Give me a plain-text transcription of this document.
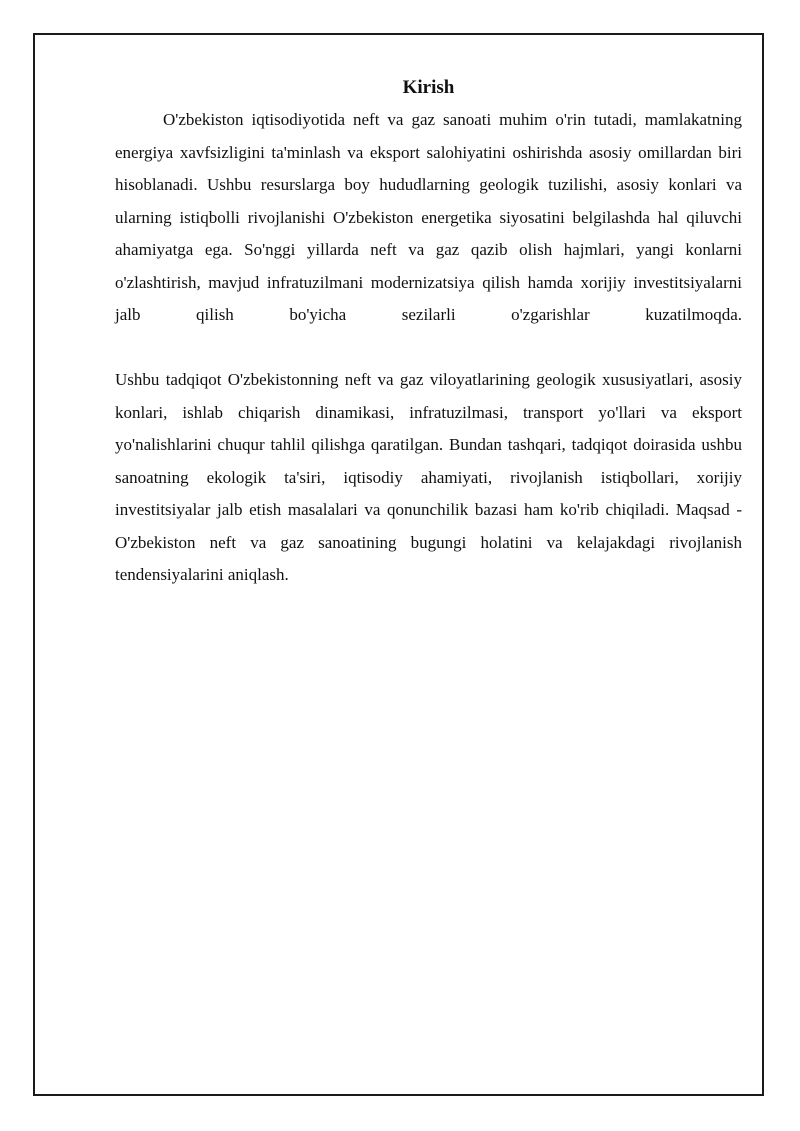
Kirish

O'zbekiston iqtisodiyotida neft va gaz sanoati muhim o'rin tutadi, mamlakatning energiya xavfsizligini ta'minlash va eksport salohiyatini oshirishda asosiy omillardan biri hisoblanadi. Ushbu resurslarga boy hududlarning geologik tuzilishi, asosiy konlari va ularning istiqbolli rivojlanishi O'zbekiston energetika siyosatini belgilashda hal qiluvchi ahamiyatga ega. So'nggi yillarda neft va gaz qazib olish hajmlari, yangi konlarni o'zlashtirish, mavjud infratuzilmani modernizatsiya qilish hamda xorijiy investitsiyalarni jalb qilish bo'yicha sezilarli o'zgarishlar kuzatilmoqda.

Ushbu tadqiqot O'zbekistonning neft va gaz viloyatlarining geologik xususiyatlari, asosiy konlari, ishlab chiqarish dinamikasi, infratuzilmasi, transport yo'llari va eksport yo'nalishlarini chuqur tahlil qilishga qaratilgan. Bundan tashqari, tadqiqot doirasida ushbu sanoatning ekologik ta'siri, iqtisodiy ahamiyati, rivojlanish istiqbollari, xorijiy investitsiyalar jalb etish masalalari va qonunchilik bazasi ham ko'rib chiqiladi. Maqsad - O'zbekiston neft va gaz sanoatining bugungi holatini va kelajakdagi rivojlanish tendensiyalarini aniqlash.
